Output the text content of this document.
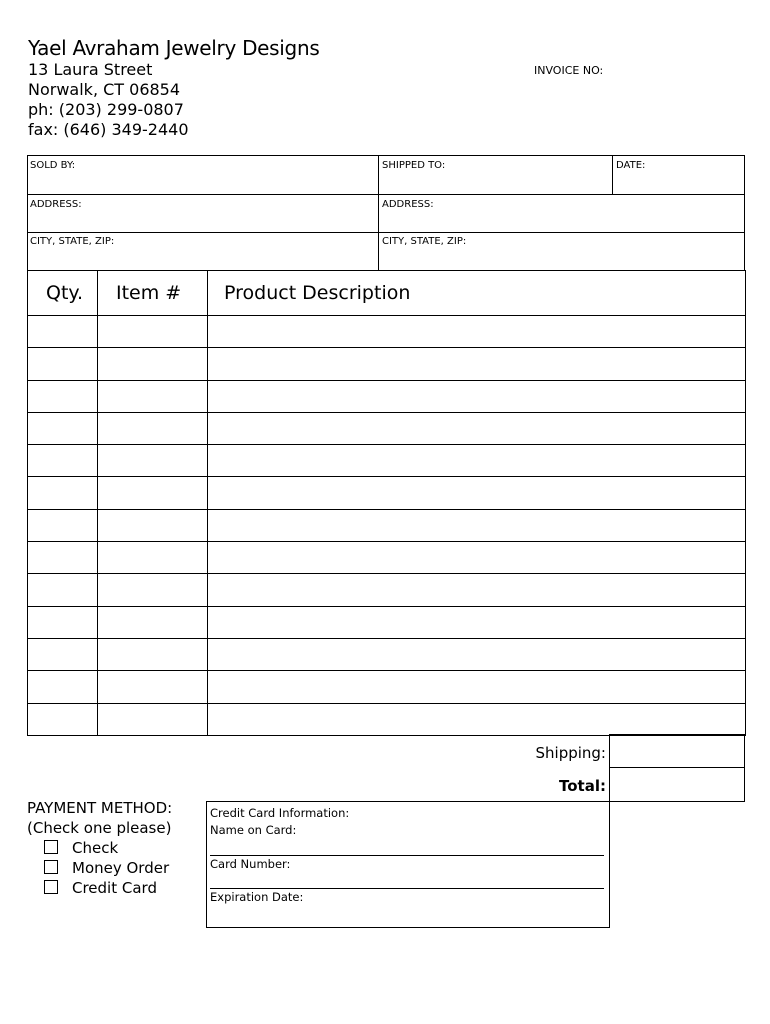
Yael Avraham Jewelry Designs
13 Laura Street
Norwalk, CT 06854
ph: (203) 299-0807
fax: (646) 349-2440
INVOICE NO:
SOLD BY:	SHIPPED TO:	DATE:
ADDRESS:	ADDRESS:
CITY, STATE, ZIP:	CITY, STATE, ZIP:
Qty.	Item #	Product Description

Shipping:
Total:
PAYMENT METHOD:
(Check one please)
Check
Money Order
Credit Card
Credit Card Information:
Name on Card:
Card Number:
Expiration Date:
